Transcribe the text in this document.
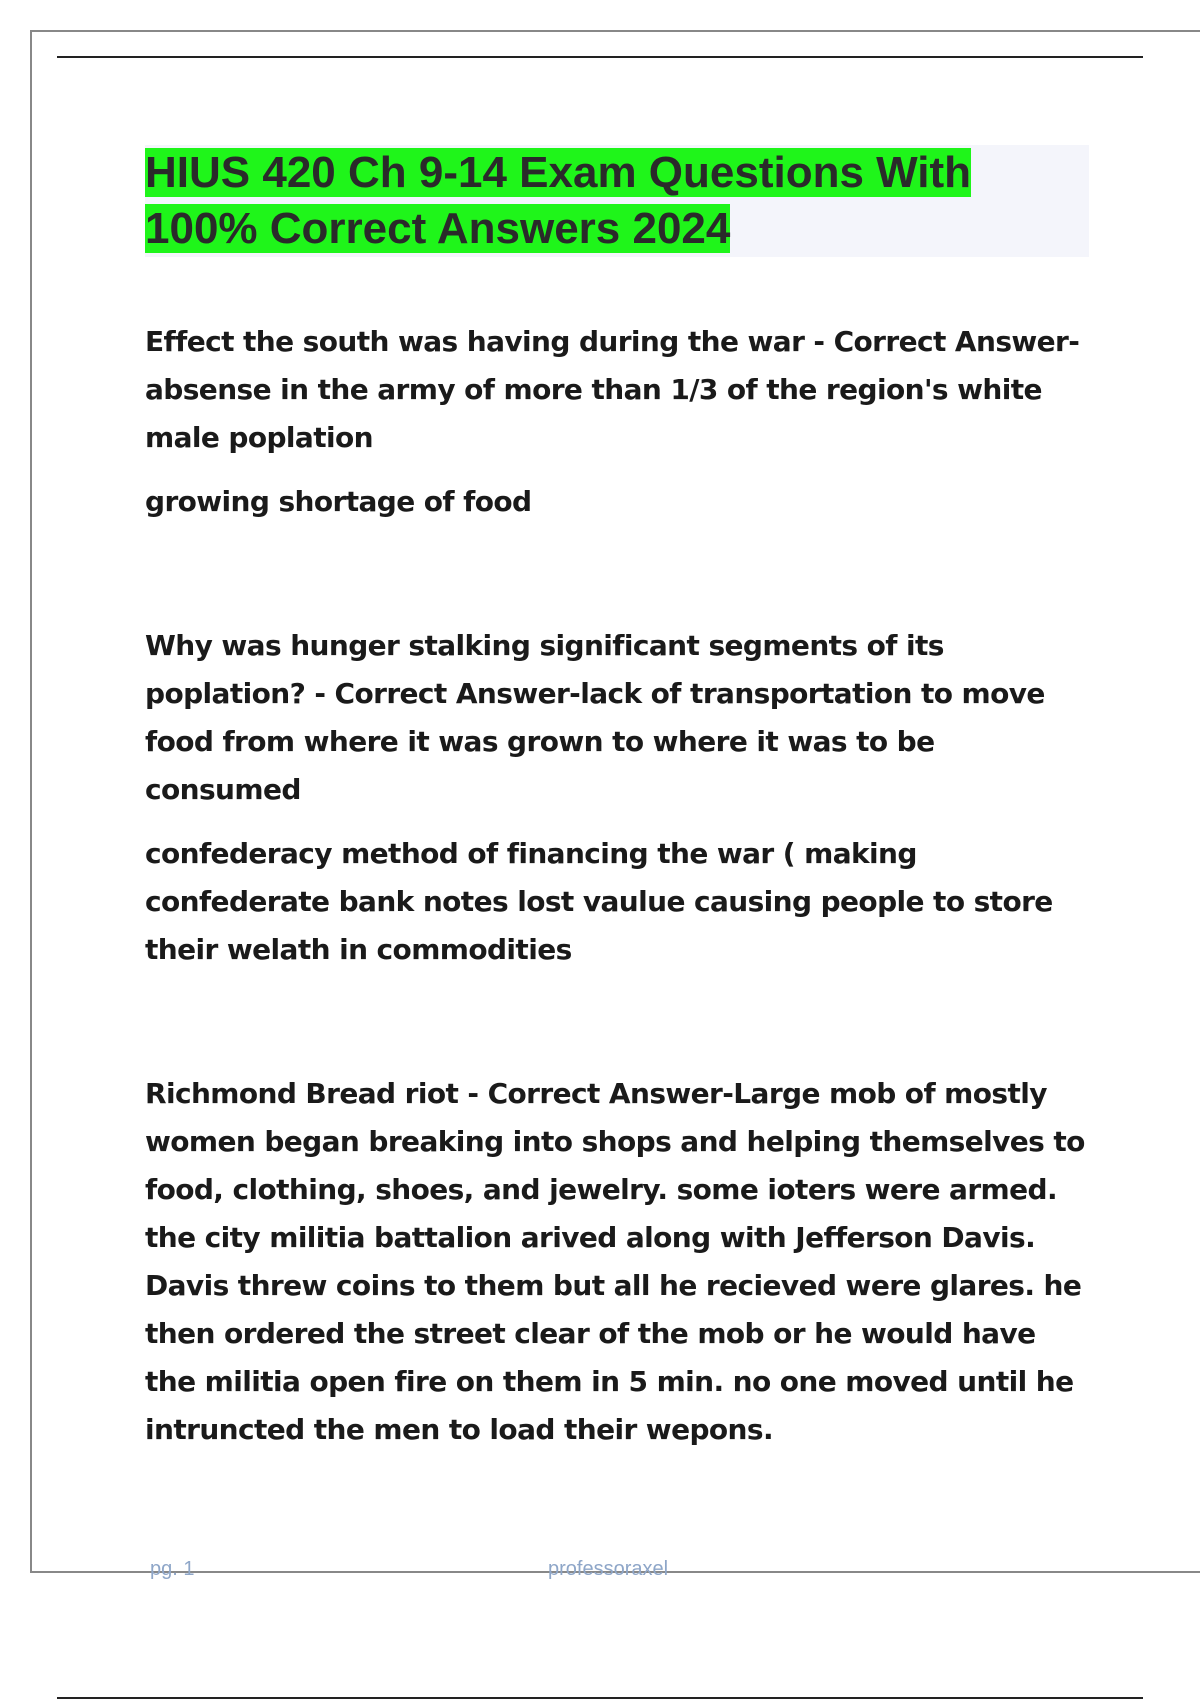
HIUS 420 Ch 9-14 Exam Questions With
100% Correct Answers 2024

Effect the south was having during the war - Correct Answer-absense in the army of more than 1/3 of the region's white male poplation

growing shortage of food

Why was hunger stalking significant segments of its poplation? - Correct Answer-lack of transportation to move food from where it was grown to where it was to be consumed

confederacy method of financing the war ( making confederate bank notes lost vaulue causing people to store their welath in commodities

Richmond Bread riot - Correct Answer-Large mob of mostly women began breaking into shops and helping themselves to food, clothing, shoes, and jewelry. some ioters were armed. the city militia battalion arived along with Jefferson Davis. Davis threw coins to them but all he recieved were glares. he then ordered the street clear of the mob or he would have the militia open fire on them in 5 min. no one moved until he intruncted the men to load their wepons.

pg. 1	professoraxel
